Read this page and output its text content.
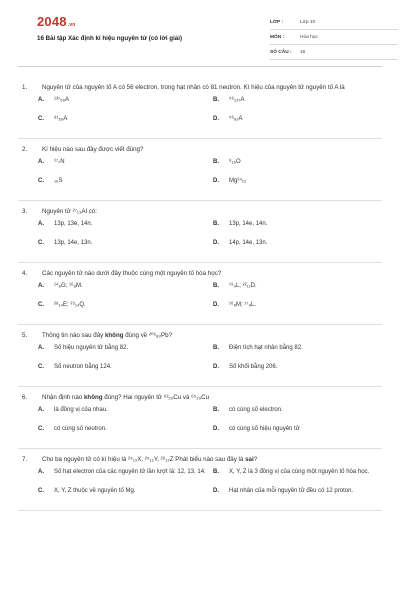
2048.vn
16 Bài tập Xác định kí hiệu nguyên tử (có lời giải)
LỚP :	Lớp 10
MÔN :	Hóa học
SỐ CÂU :	16
1.	Nguyên tử của nguyên tố A có 56 electron, trong hạt nhân có 81 neutron. Kí hiệu của nguyên tử nguyên tố A là
A.	¹³⁷₅₆A	B.	⁵⁶₁₃₇A
C.	⁸¹₅₆A	D.	⁵⁶₈₁A
2.	Kí hiệu nào sau đây được viết đúng?
A.	¹⁷₇N	B.	⁸₁₆O
C.	₁₆S	D.	Mg²⁴₁₂
3.	Nguyên tử ²⁷₁₃Al có:
A.	13p, 13e, 14n.	B.	13p, 14e, 14n.
C.	13p, 14e, 13n.	D.	14p, 14e, 13n.
4.	Các nguyên tử nào dưới đây thuộc cùng một nguyên tố hóa học?
A.	¹⁴₆G; ¹⁶₈M.	B.	¹⁹₉L; ²²₁₁D.
C.	²⁸₁₄E; ²⁹₁₄Q.	D.	¹⁶₈M; ¹⁷₈L.
5.	Thông tin nào sau đây không đúng về ²⁰⁶₈₂Pb?
A.	Số hiệu nguyên tử bằng 82.	B.	Điện tích hạt nhân bằng 82.
C.	Số neutron bằng 124.	D.	Số khối bằng 206.
6.	Nhận định nào không đúng? Hai nguyên tử ⁶³₂₉Cu và ⁶⁵₂₉Cu
A.	là đồng vị của nhau.	B.	có cùng số electron.
C.	có cùng số neutron.	D.	có cùng số hiệu nguyên tử
7.	Cho ba nguyên tử có kí hiệu là ²⁴₁₂X, ²⁵₁₂Y, ²⁶₁₂Z Phát biểu nào sau đây là sai?
A.	Số hạt electron của các nguyên tử lần lượt là: 12, 13, 14.	B.	X, Y, Z là 3 đồng vị của cùng một nguyên tố hóa học.
C.	X, Y, Z thuộc về nguyên tố Mg.	D.	Hạt nhân của mỗi nguyên tử đều có 12 proton.
